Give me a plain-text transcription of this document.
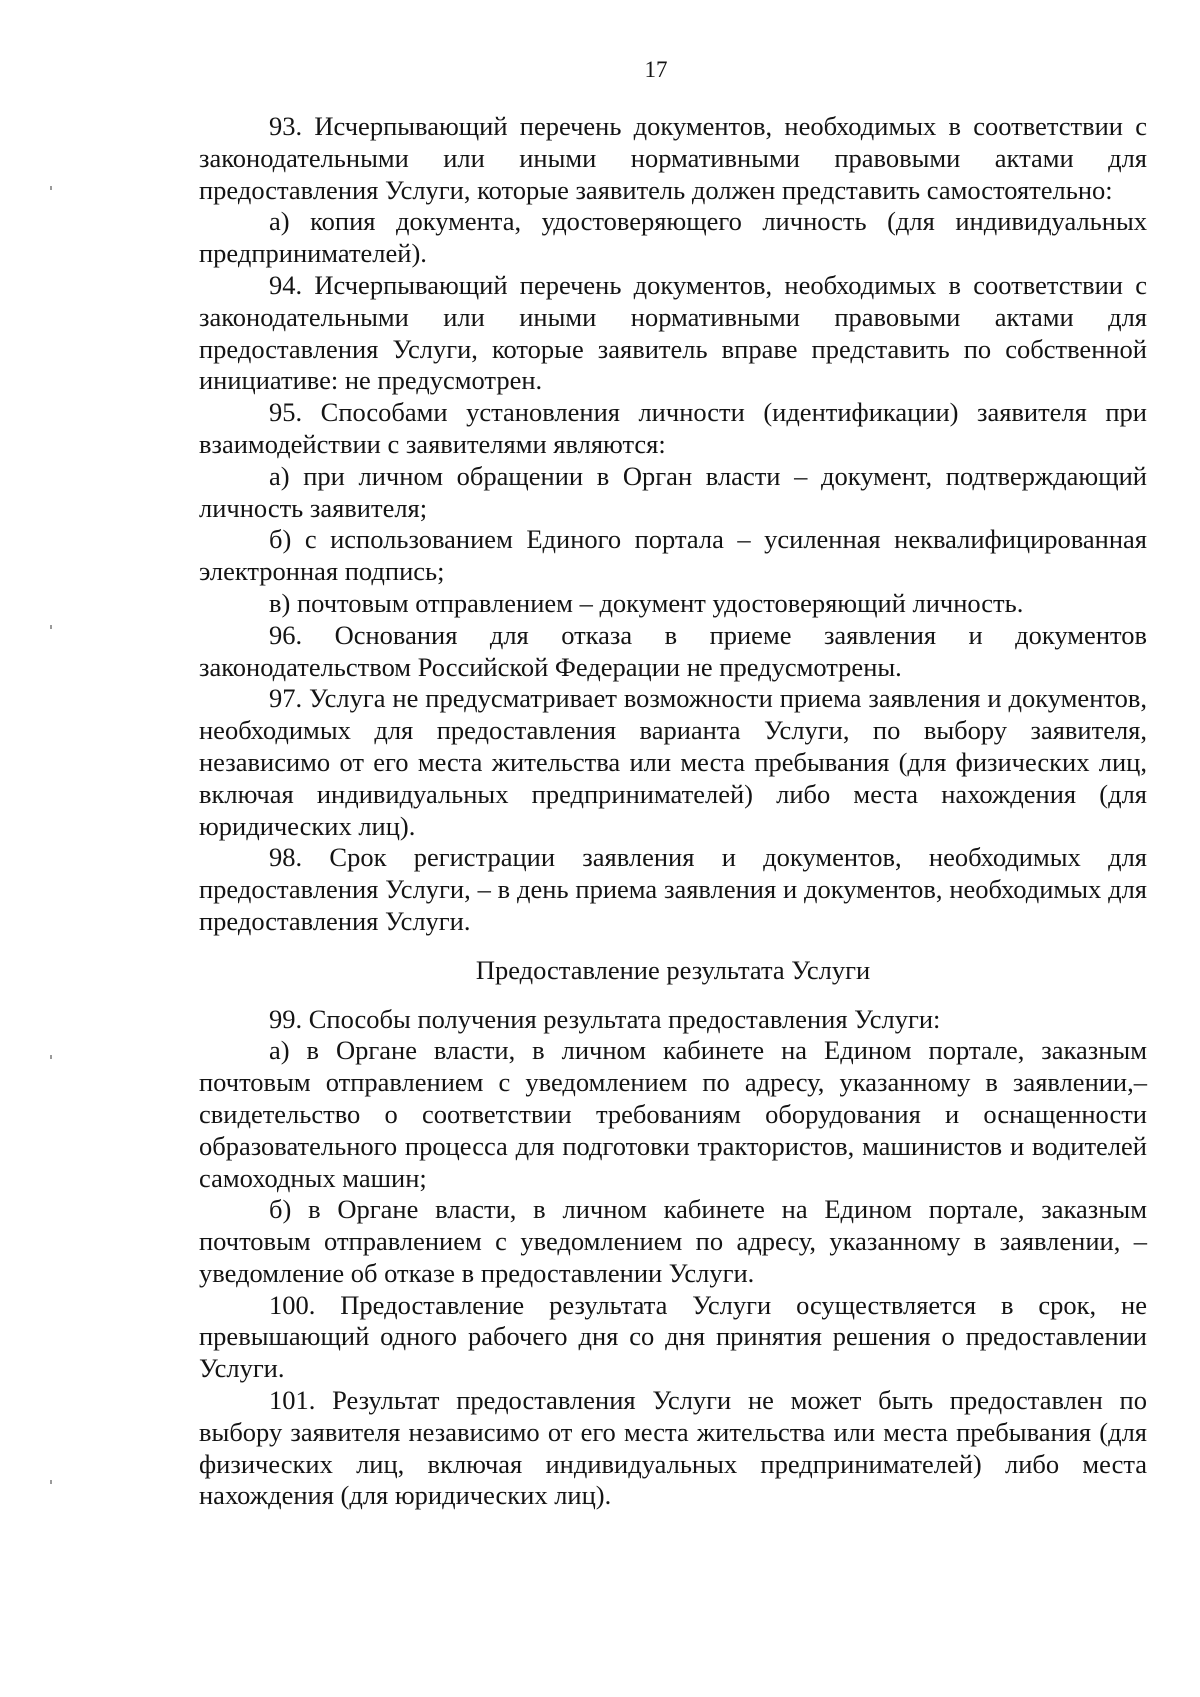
17

93. Исчерпывающий перечень документов, необходимых в соответствии с законодательными или иными нормативными правовыми актами для предоставления Услуги, которые заявитель должен представить самостоятельно:

а) копия документа, удостоверяющего личность (для индивидуальных предпринимателей).

94. Исчерпывающий перечень документов, необходимых в соответствии с законодательными или иными нормативными правовыми актами для предоставления Услуги, которые заявитель вправе представить по собственной инициативе: не предусмотрен.

95. Способами установления личности (идентификации) заявителя при взаимодействии с заявителями являются:

а) при личном обращении в Орган власти – документ, подтверждающий личность заявителя;

б) с использованием Единого портала – усиленная неквалифицированная электронная подпись;

в) почтовым отправлением – документ удостоверяющий личность.

96. Основания для отказа в приеме заявления и документов законодательством Российской Федерации не предусмотрены.

97. Услуга не предусматривает возможности приема заявления и документов, необходимых для предоставления варианта Услуги, по выбору заявителя, независимо от его места жительства или места пребывания (для физических лиц, включая индивидуальных предпринимателей) либо места нахождения (для юридических лиц).

98. Срок регистрации заявления и документов, необходимых для предоставления Услуги, – в день приема заявления и документов, необходимых для предоставления Услуги.

Предоставление результата Услуги

99. Способы получения результата предоставления Услуги:

а) в Органе власти, в личном кабинете на Едином портале, заказным почтовым отправлением с уведомлением по адресу, указанному в заявлении,– свидетельство о соответствии требованиям оборудования и оснащенности образовательного процесса для подготовки трактористов, машинистов и водителей самоходных машин;

б) в Органе власти, в личном кабинете на Едином портале, заказным почтовым отправлением с уведомлением по адресу, указанному в заявлении, – уведомление об отказе в предоставлении Услуги.

100. Предоставление результата Услуги осуществляется в срок, не превышающий одного рабочего дня со дня принятия решения о предоставлении Услуги.

101. Результат предоставления Услуги не может быть предоставлен по выбору заявителя независимо от его места жительства или места пребывания (для физических лиц, включая индивидуальных предпринимателей) либо места нахождения (для юридических лиц).
